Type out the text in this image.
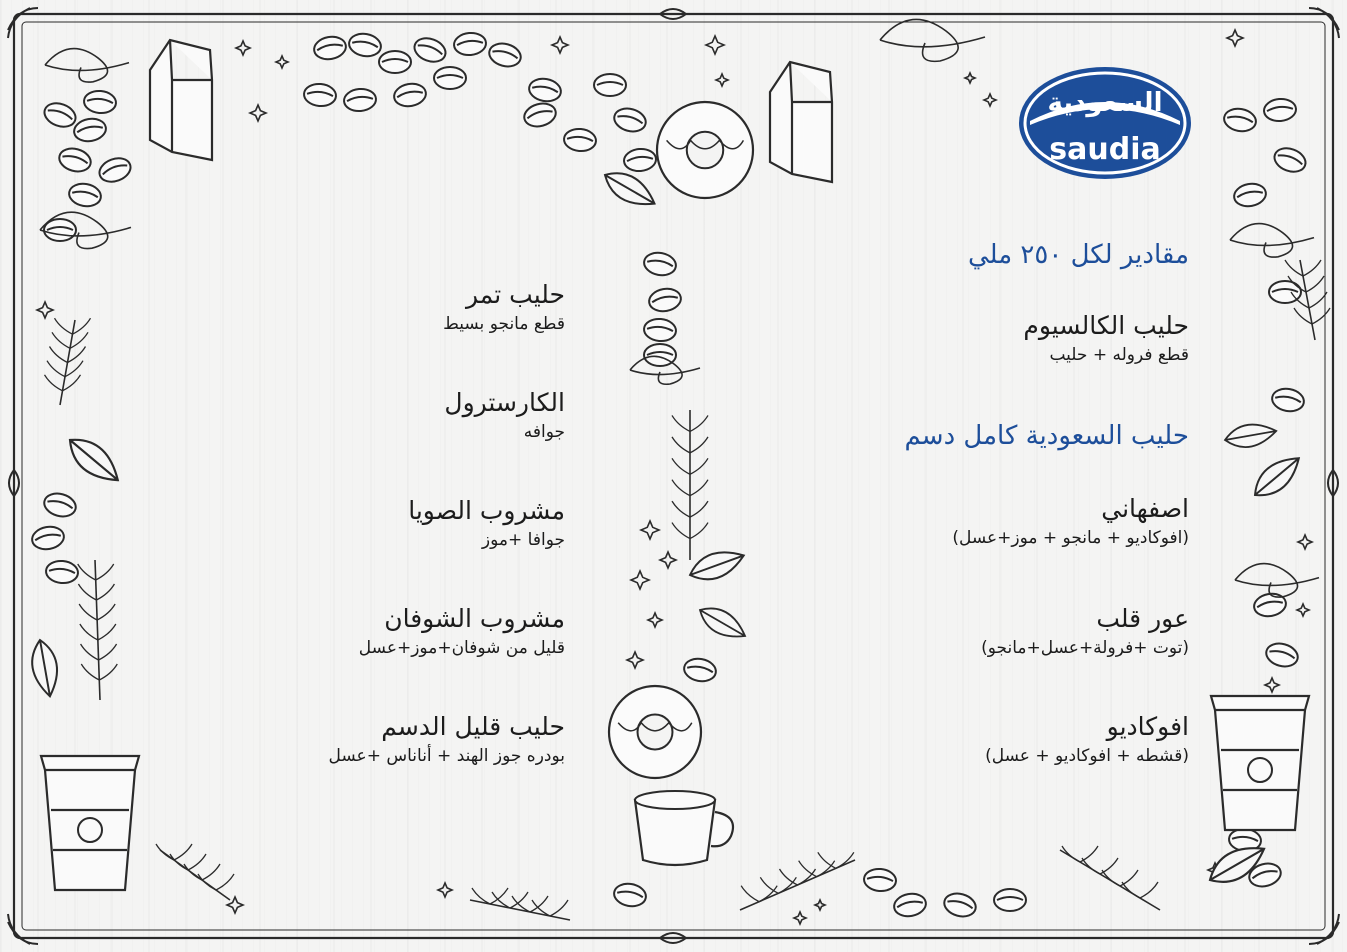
السعودية
saudia

مقادير لكل ٢٥٠ ملي

حليب الكالسيوم

قطع فروله + حليب

حليب السعودية كامل دسم

اصفهاني

(افوكاديو + مانجو + موز+عسل)

عور قلب

(توت +فرولة+عسل+مانجو)

افوكاديو

(قشطه + افوكاديو + عسل)

حليب تمر

قطع مانجو بسيط

الكارسترول

جوافه

مشروب الصويا

جوافا +موز

مشروب الشوفان

قليل من شوفان+موز+عسل

حليب قليل الدسم

بودره جوز الهند + أناناس +عسل
